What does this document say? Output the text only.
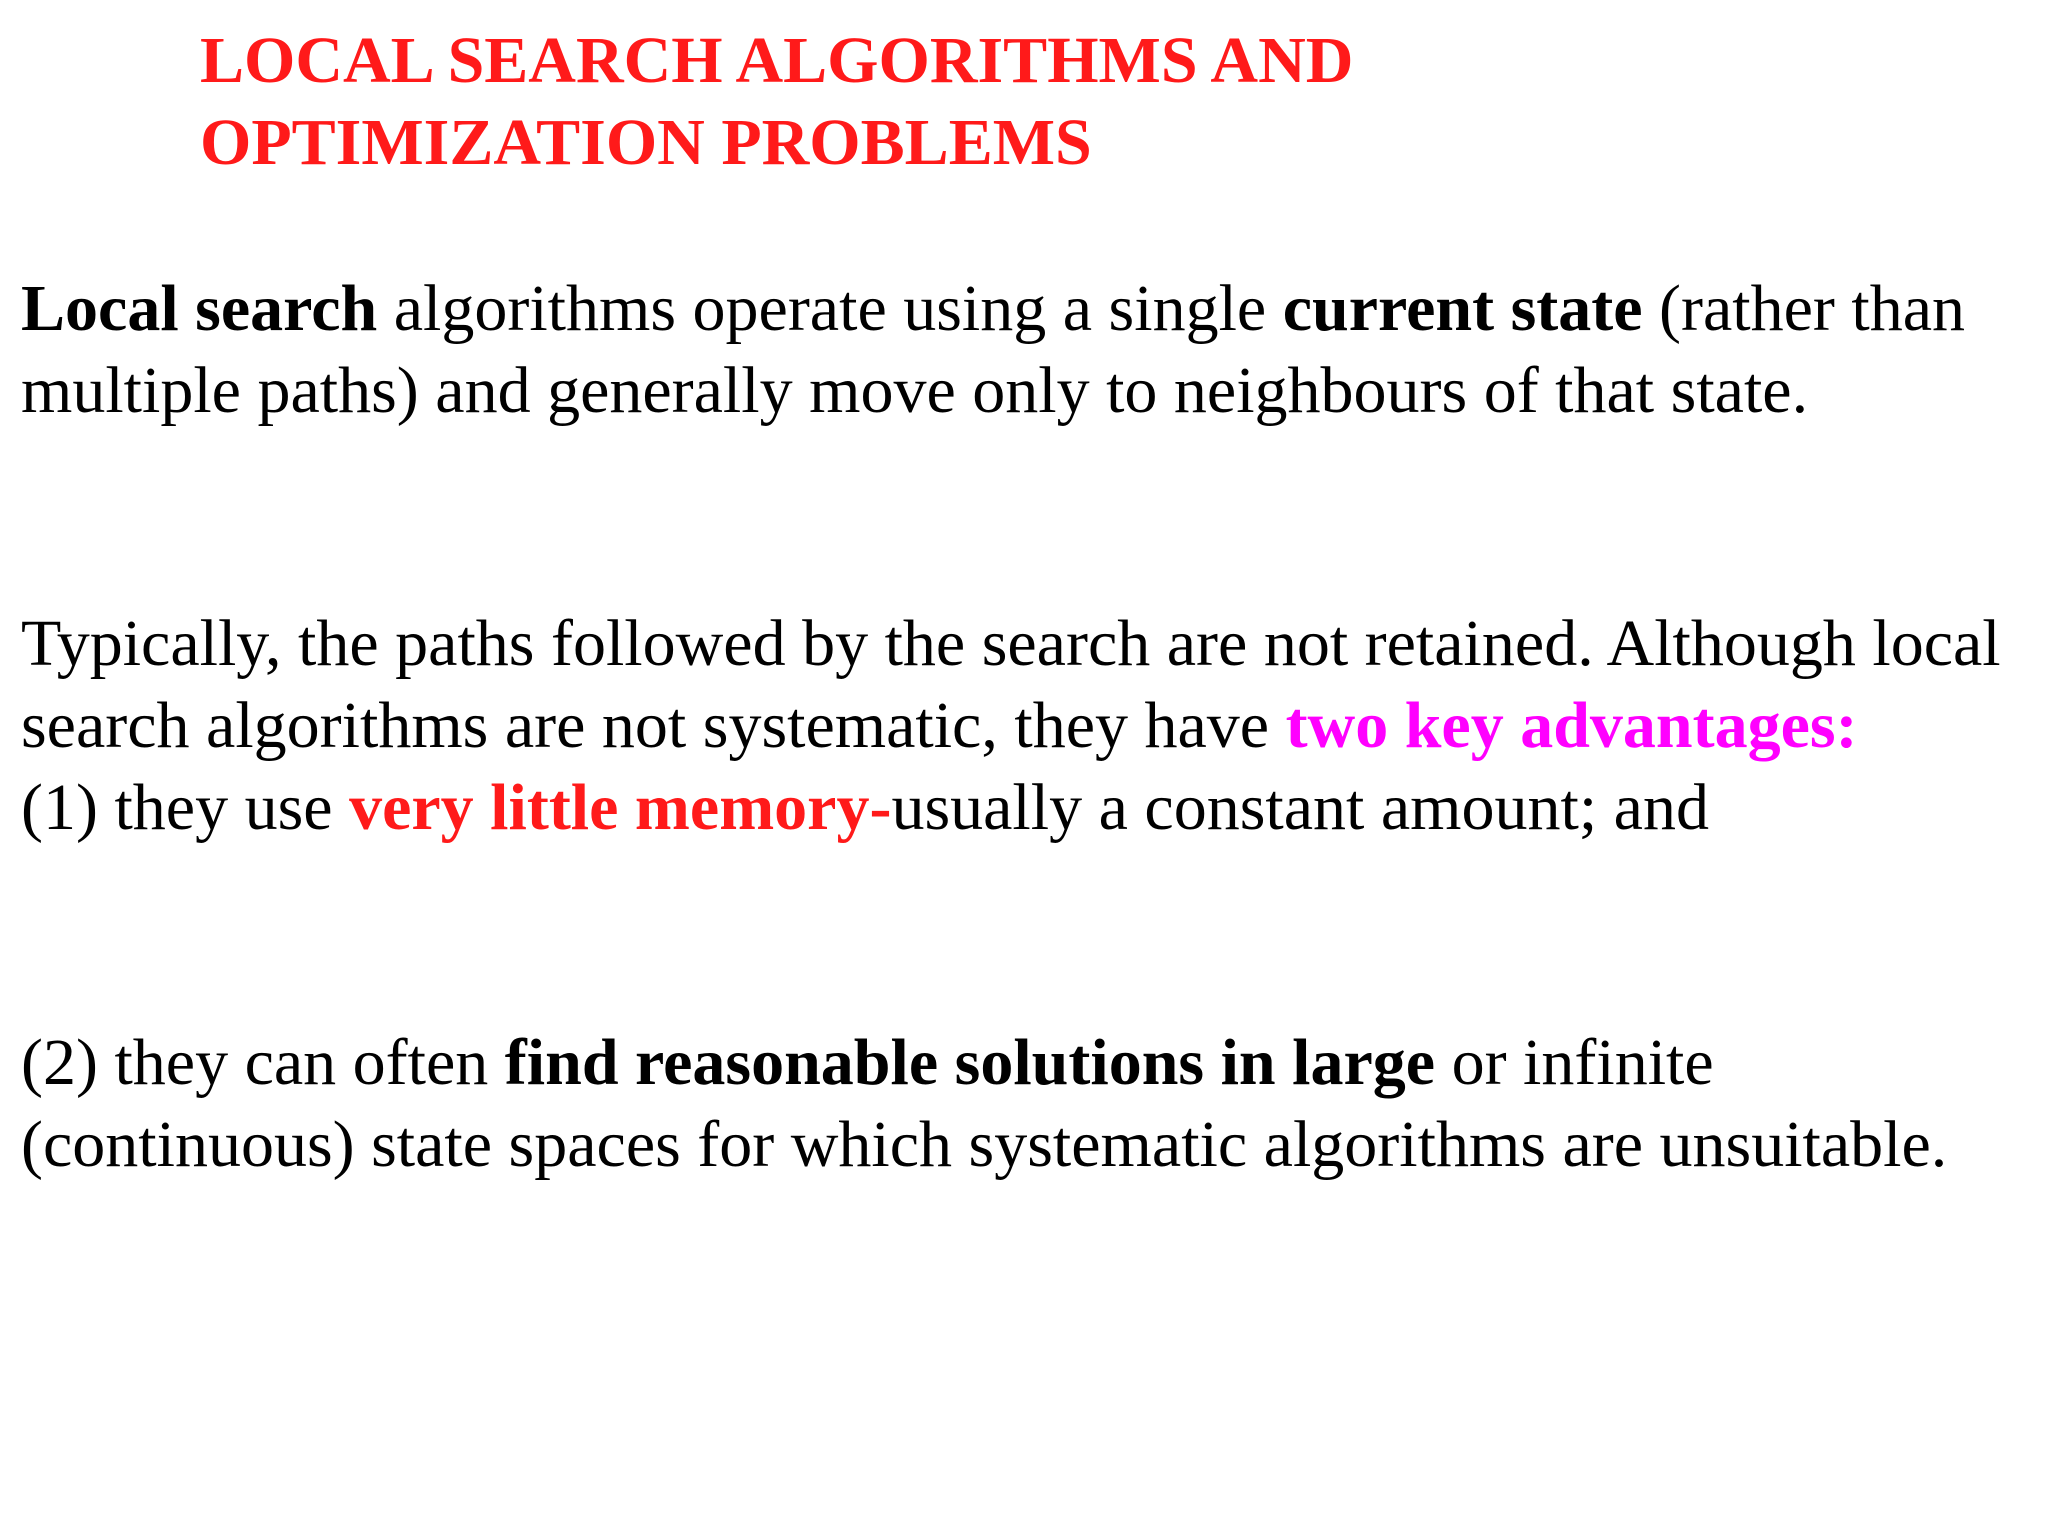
LOCAL SEARCH ALGORITHMS AND
OPTIMIZATION PROBLEMS

Local search algorithms operate using a single current state (rather than multiple paths) and generally move only to neighbours of that state.

Typically, the paths followed by the search are not retained. Although local search algorithms are not systematic, they have two key advantages:
(1) they use very little memory-usually a constant amount; and

(2) they can often find reasonable solutions in large or infinite (continuous) state spaces for which systematic algorithms are unsuitable.
